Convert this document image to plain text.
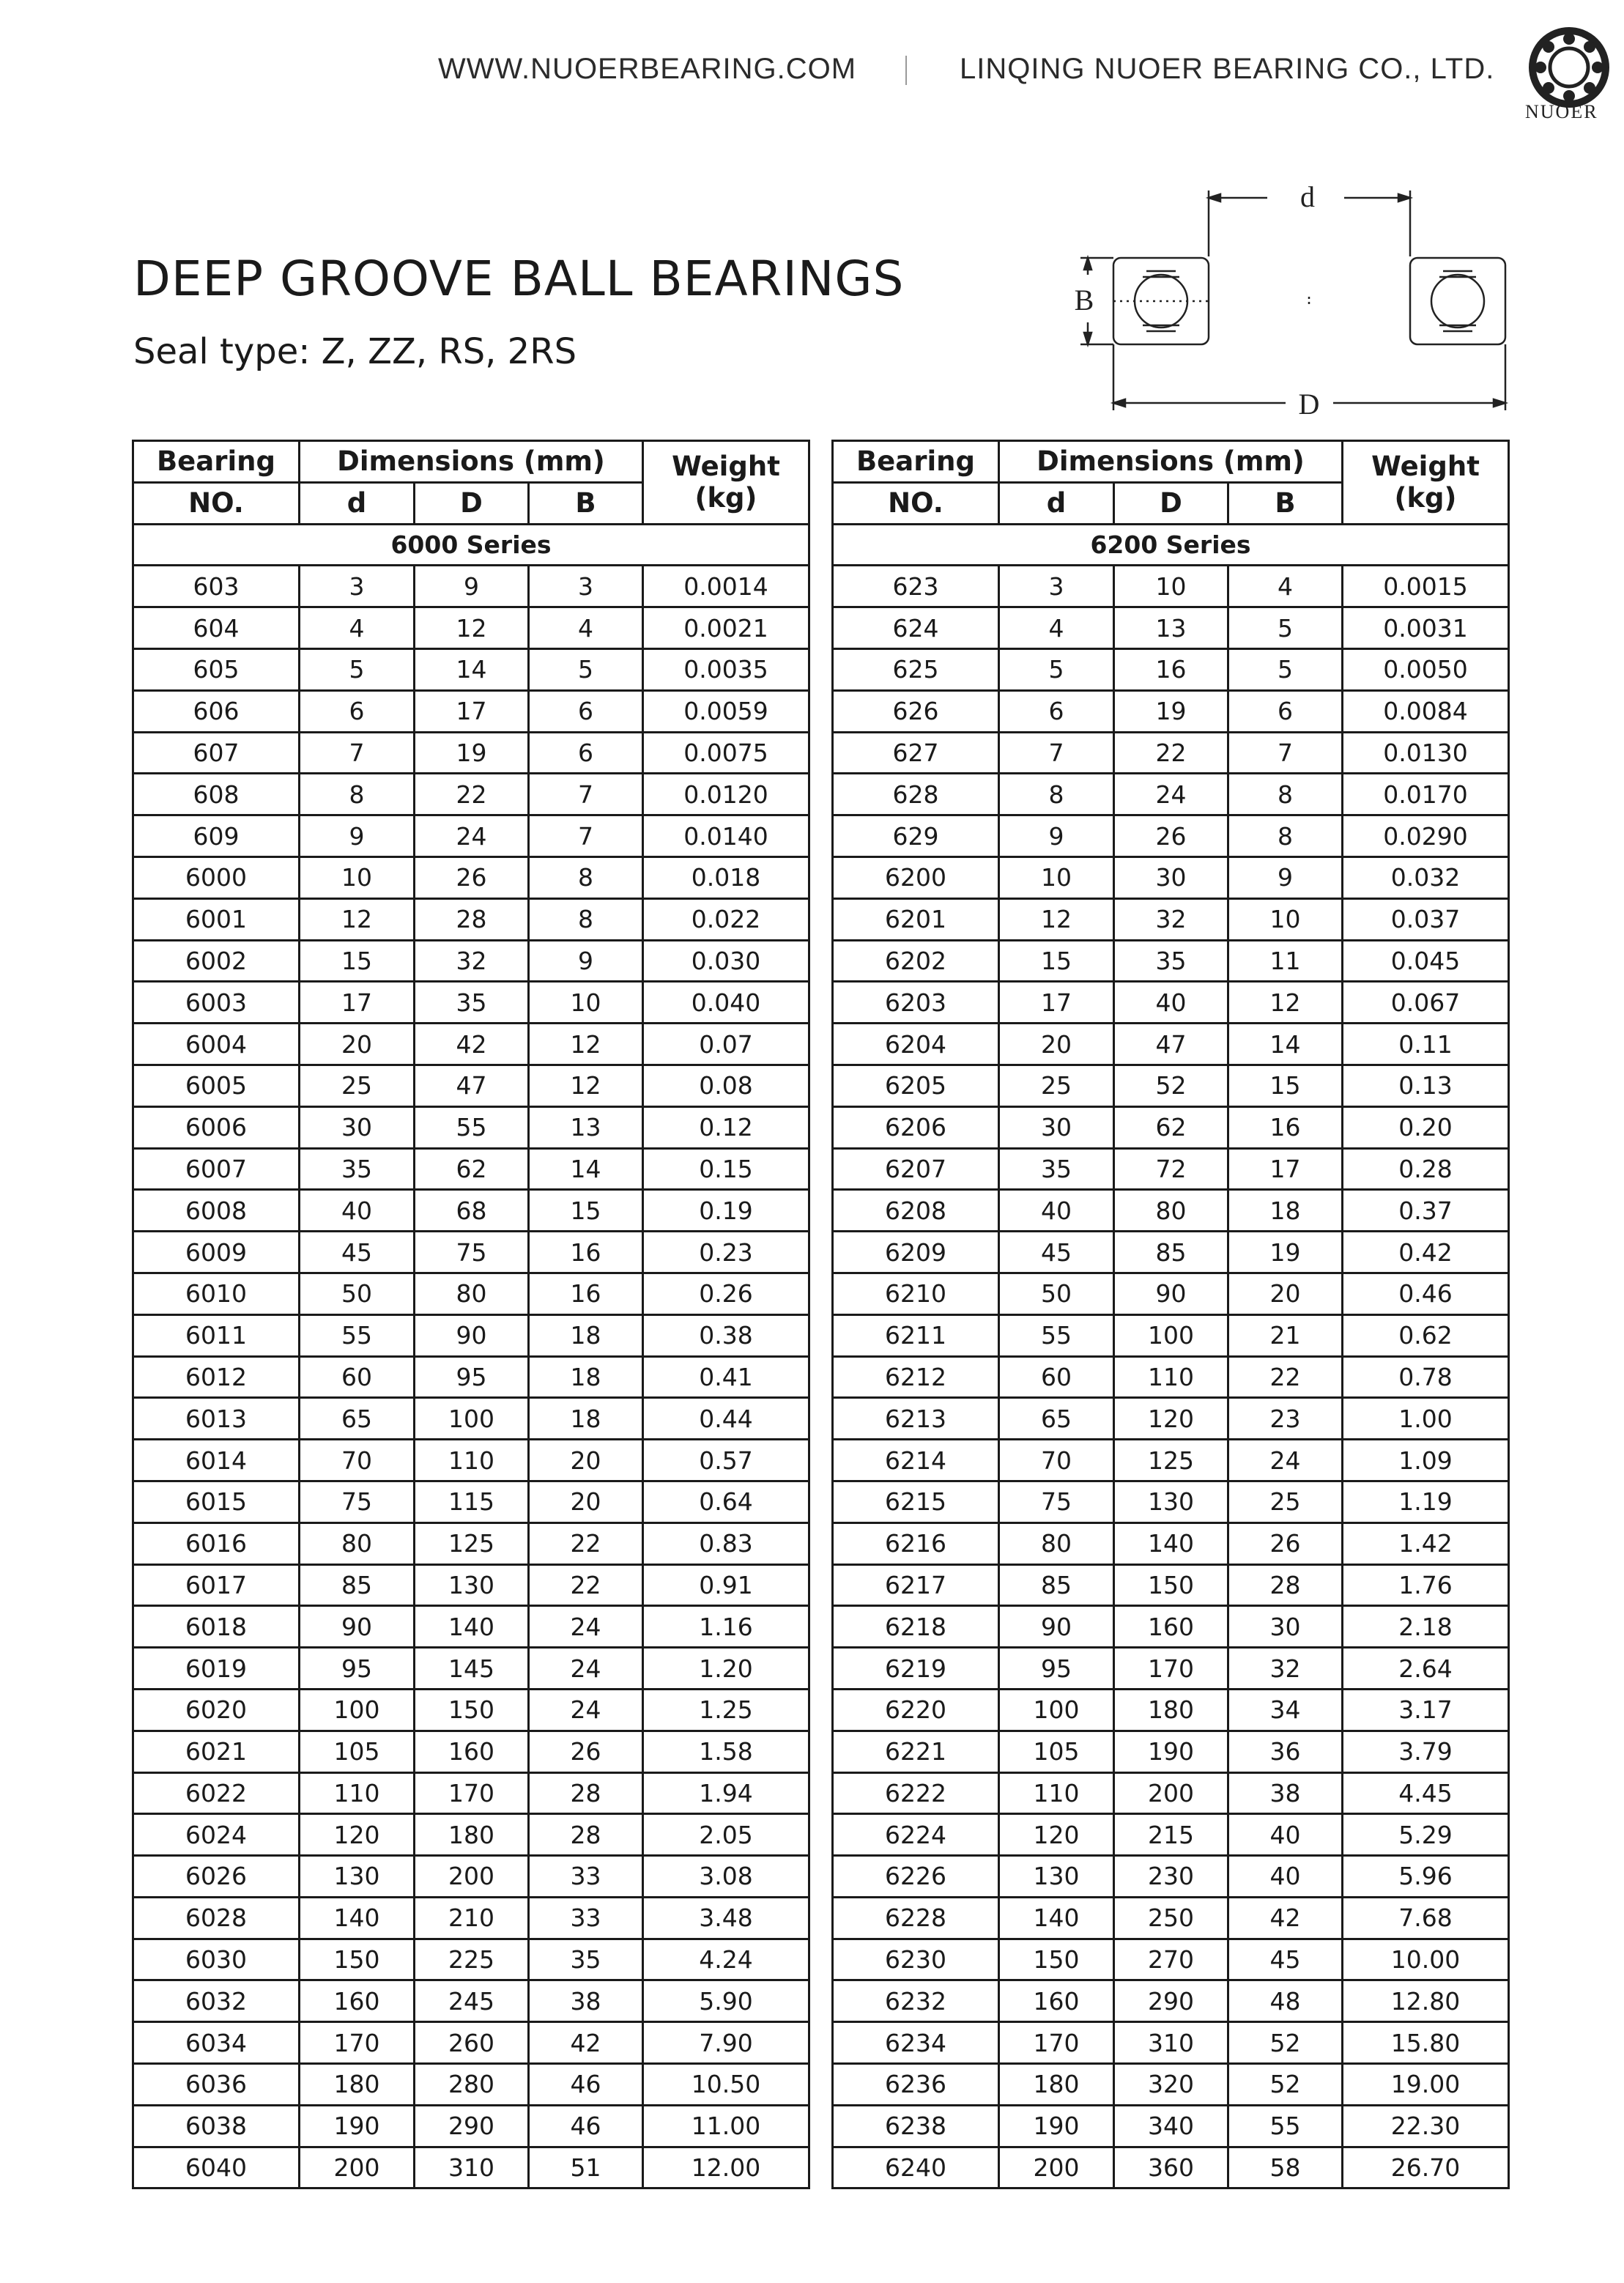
WWW.NUOERBEARING.COM	LINQING NUOER BEARING CO., LTD.
NUOER
DEEP GROOVE BALL BEARINGS
Seal type: Z, ZZ, RS, 2RS
d
B
D
Bearing	Dimensions (mm)			Weight (kg)
NO.	d	D	B	
6000 Series				
603	3	9	3	0.0014
604	4	12	4	0.0021
605	5	14	5	0.0035
606	6	17	6	0.0059
607	7	19	6	0.0075
608	8	22	7	0.0120
609	9	24	7	0.0140
6000	10	26	8	0.018
6001	12	28	8	0.022
6002	15	32	9	0.030
6003	17	35	10	0.040
6004	20	42	12	0.07
6005	25	47	12	0.08
6006	30	55	13	0.12
6007	35	62	14	0.15
6008	40	68	15	0.19
6009	45	75	16	0.23
6010	50	80	16	0.26
6011	55	90	18	0.38
6012	60	95	18	0.41
6013	65	100	18	0.44
6014	70	110	20	0.57
6015	75	115	20	0.64
6016	80	125	22	0.83
6017	85	130	22	0.91
6018	90	140	24	1.16
6019	95	145	24	1.20
6020	100	150	24	1.25
6021	105	160	26	1.58
6022	110	170	28	1.94
6024	120	180	28	2.05
6026	130	200	33	3.08
6028	140	210	33	3.48
6030	150	225	35	4.24
6032	160	245	38	5.90
6034	170	260	42	7.90
6036	180	280	46	10.50
6038	190	290	46	11.00
6040	200	310	51	12.00
Bearing	Dimensions (mm)			Weight (kg)
NO.	d	D	B	
6200 Series				
623	3	10	4	0.0015
624	4	13	5	0.0031
625	5	16	5	0.0050
626	6	19	6	0.0084
627	7	22	7	0.0130
628	8	24	8	0.0170
629	9	26	8	0.0290
6200	10	30	9	0.032
6201	12	32	10	0.037
6202	15	35	11	0.045
6203	17	40	12	0.067
6204	20	47	14	0.11
6205	25	52	15	0.13
6206	30	62	16	0.20
6207	35	72	17	0.28
6208	40	80	18	0.37
6209	45	85	19	0.42
6210	50	90	20	0.46
6211	55	100	21	0.62
6212	60	110	22	0.78
6213	65	120	23	1.00
6214	70	125	24	1.09
6215	75	130	25	1.19
6216	80	140	26	1.42
6217	85	150	28	1.76
6218	90	160	30	2.18
6219	95	170	32	2.64
6220	100	180	34	3.17
6221	105	190	36	3.79
6222	110	200	38	4.45
6224	120	215	40	5.29
6226	130	230	40	5.96
6228	140	250	42	7.68
6230	150	270	45	10.00
6232	160	290	48	12.80
6234	170	310	52	15.80
6236	180	320	52	19.00
6238	190	340	55	22.30
6240	200	360	58	26.70
